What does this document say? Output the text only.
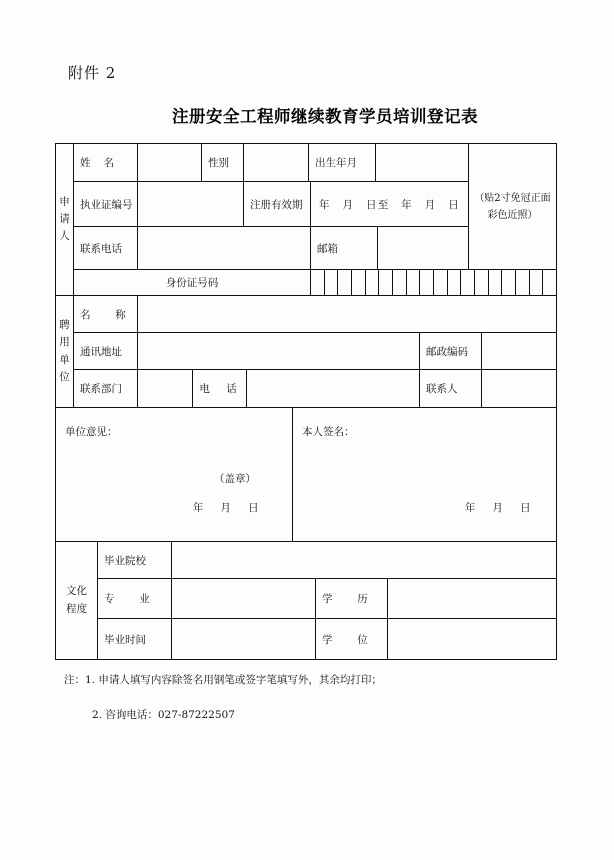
附件 2
注册安全工程师继续教育学员培训登记表
申
请
人
姓　名	性别	出生年月
执业证编号	注册有效期	年　月　日至　年　月　日
联系电话	邮箱
（贴2寸免冠正面彩色近照）
身份证号码
聘
用
单
位
名　　称
通讯地址	邮政编码
联系部门	电　话	联系人
单位意见：
（盖章）
年　月　日
本人签名：
年　月　日
文化
程度
毕业院校
专　　业	学　　历
毕业时间	学　　位

注：1. 申请人填写内容除签名用钢笔或签字笔填写外，其余均打印；

2. 咨询电话：027-87222507
